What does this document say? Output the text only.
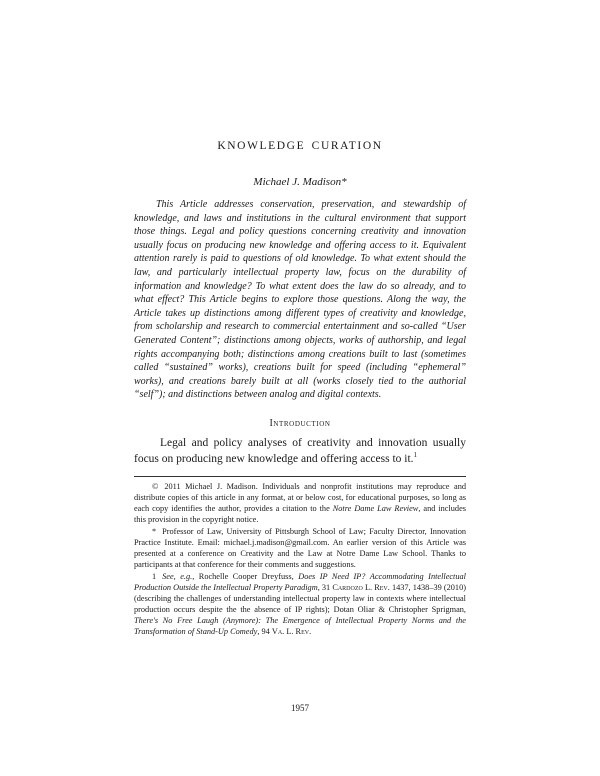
KNOWLEDGE CURATION
Michael J. Madison*

This Article addresses conservation, preservation, and stewardship of knowledge, and laws and institutions in the cultural environment that support those things. Legal and policy questions concerning creativity and innovation usually focus on producing new knowledge and offering access to it. Equivalent attention rarely is paid to questions of old knowledge. To what extent should the law, and particularly intellectual property law, focus on the durability of information and knowledge? To what extent does the law do so already, and to what effect? This Article begins to explore those questions. Along the way, the Article takes up distinctions among different types of creativity and knowledge, from scholarship and research to commercial entertainment and so-called “User Generated Content”; distinctions among objects, works of authorship, and legal rights accompanying both; distinctions among creations built to last (sometimes called “sustained” works), creations built for speed (including “ephemeral” works), and creations barely built at all (works closely tied to the authorial “self”); and distinctions between analog and digital contexts.

Introduction

Legal and policy analyses of creativity and innovation usually focus on producing new knowledge and offering access to it.$^1$

© 2011 Michael J. Madison. Individuals and nonprofit institutions may reproduce and distribute copies of this article in any format, at or below cost, for educational purposes, so long as each copy identifies the author, provides a citation to the Notre Dame Law Review, and includes this provision in the copyright notice.

* Professor of Law, University of Pittsburgh School of Law; Faculty Director, Innovation Practice Institute. Email: michael.j.madison@gmail.com. An earlier version of this Article was presented at a conference on Creativity and the Law at Notre Dame Law School. Thanks to participants at that conference for their comments and suggestions.

1 See, e.g., Rochelle Cooper Dreyfuss, Does IP Need IP? Accommodating Intellectual Production Outside the Intellectual Property Paradigm, 31 Cardozo L. Rev. 1437, 1438–39 (2010) (describing the challenges of understanding intellectual property law in contexts where intellectual production occurs despite the the absence of IP rights); Dotan Oliar & Christopher Sprigman, There's No Free Laugh (Anymore): The Emergence of Intellectual Property Norms and the Transformation of Stand-Up Comedy, 94 Va. L. Rev.

1957
